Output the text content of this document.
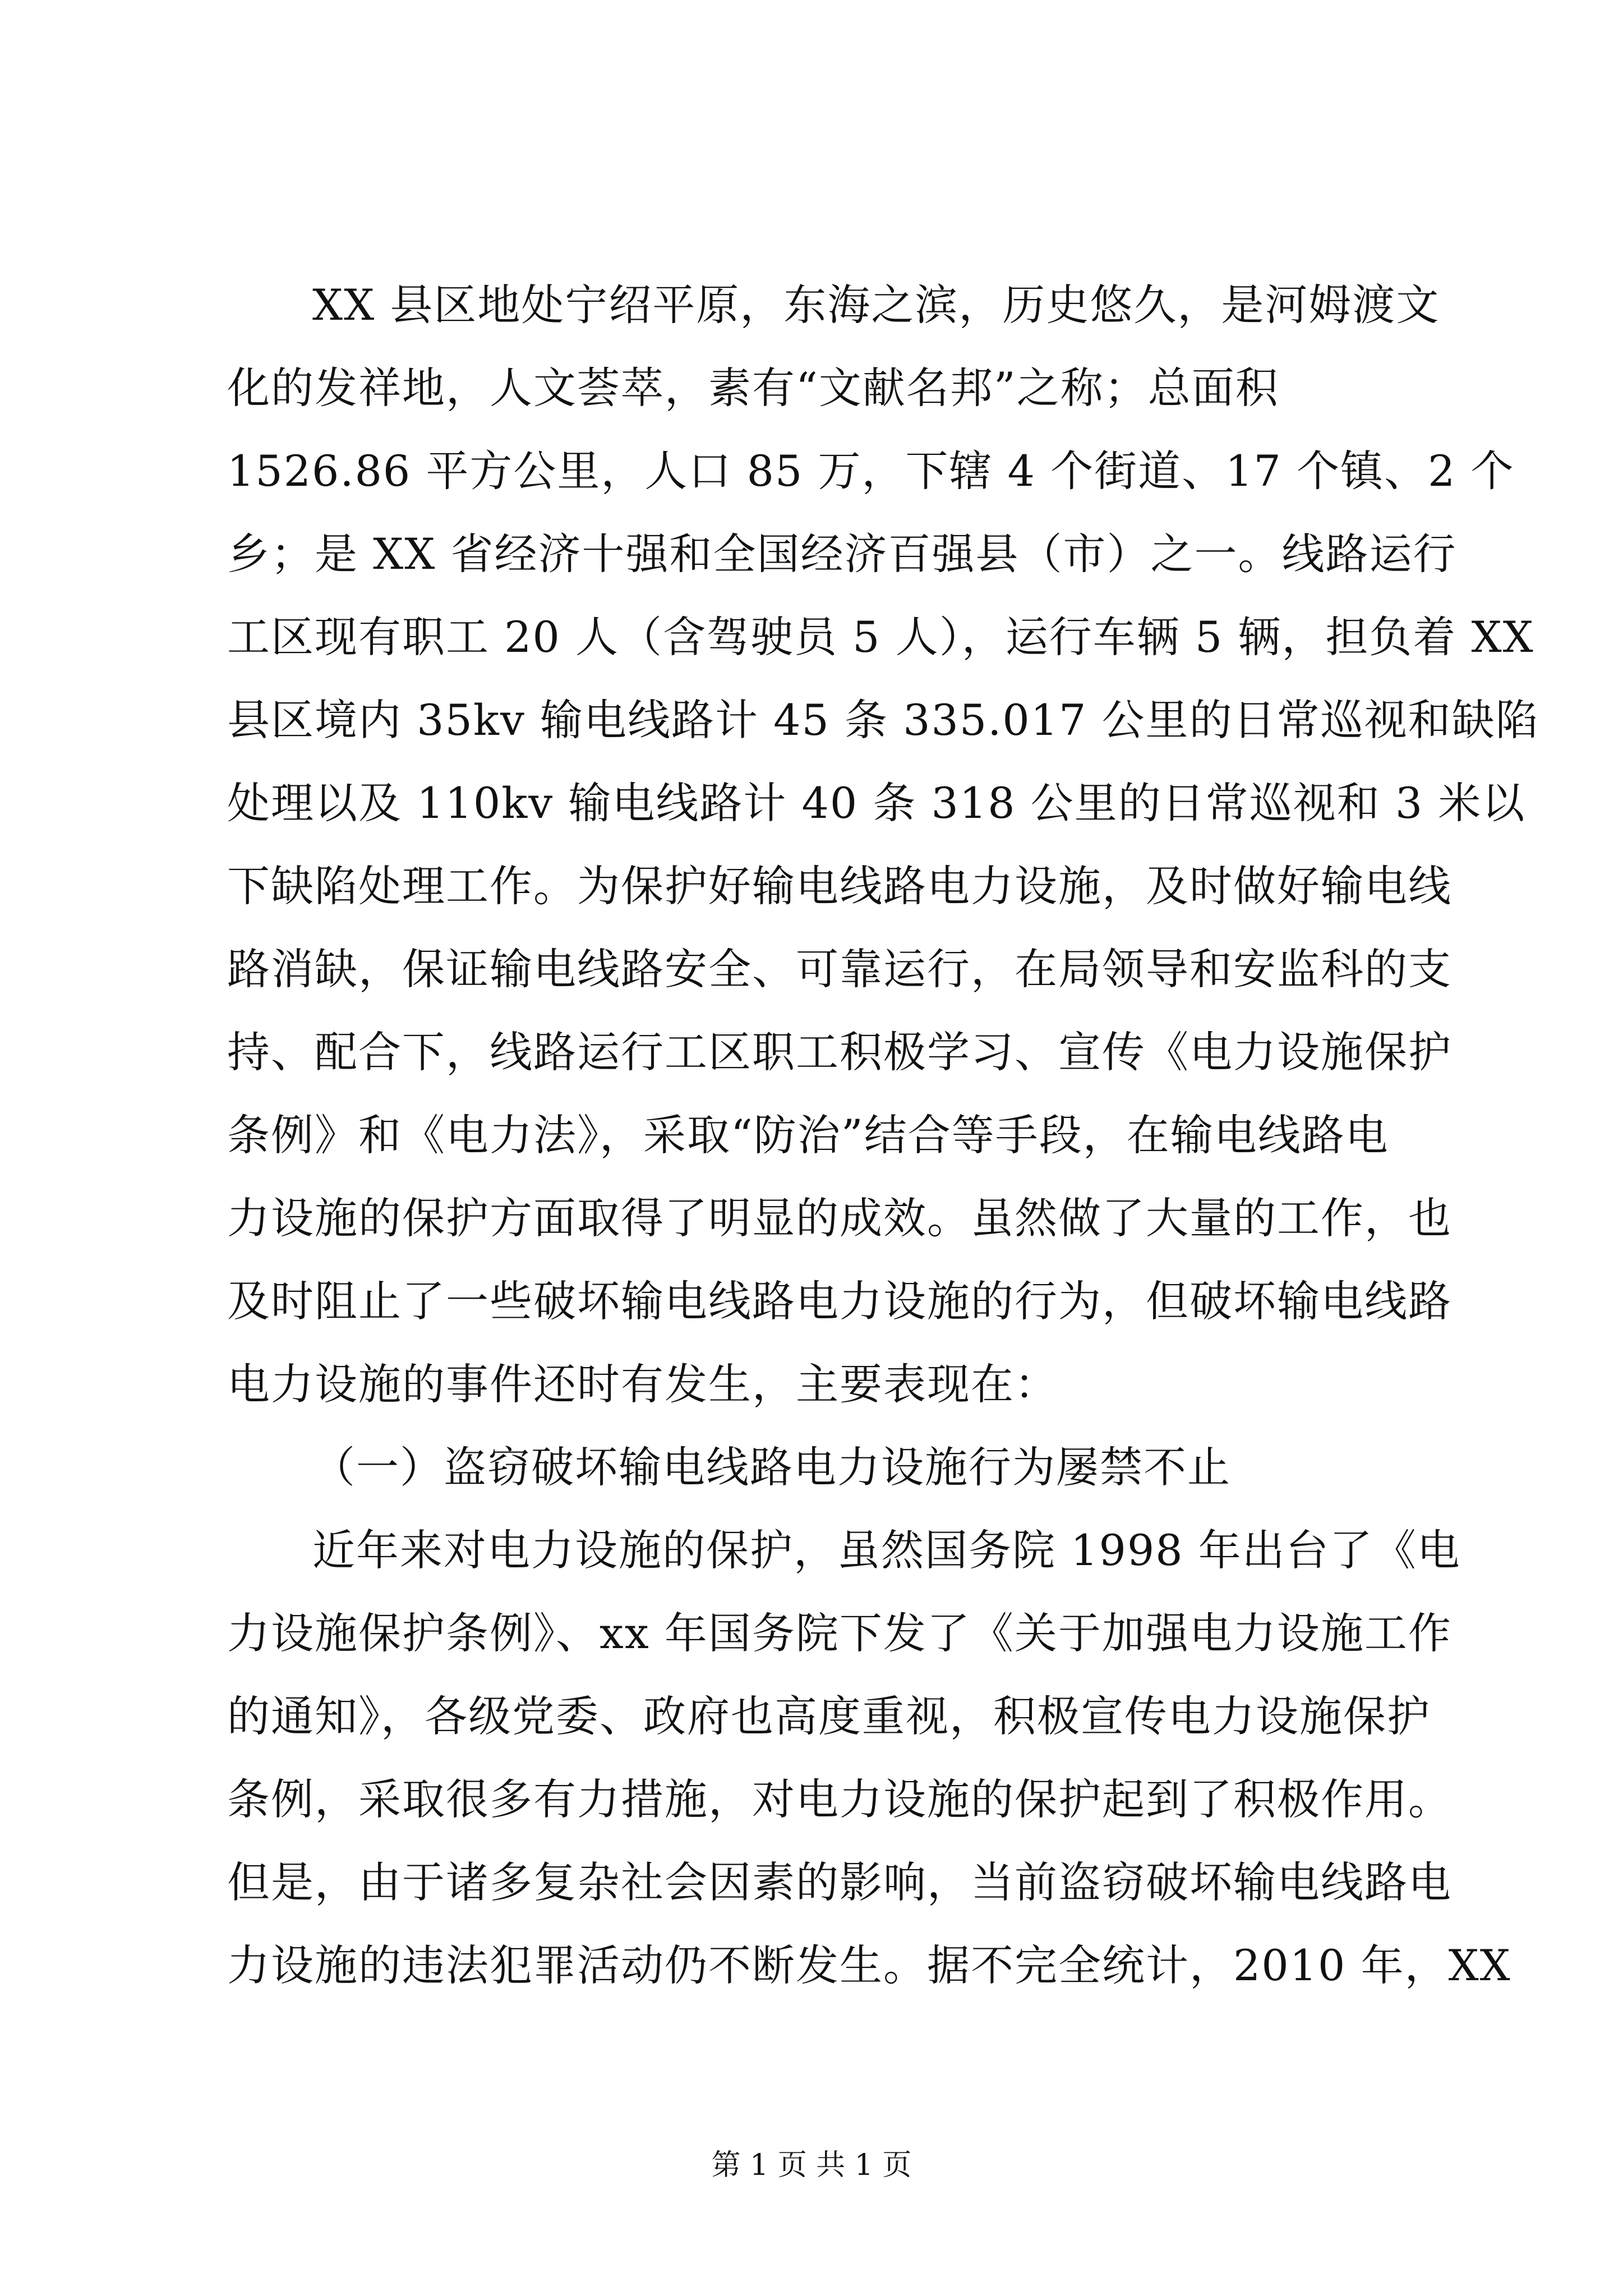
XX 县区地处宁绍平原，东海之滨，历史悠久，是河姆渡文
化的发祥地，人文荟萃，素有“文献名邦”之称；总面积
1526.86 平方公里，人口 85 万，下辖 4 个街道、17 个镇、2 个
乡；是 XX 省经济十强和全国经济百强县（市）之一。线路运行
工区现有职工 20 人（含驾驶员 5 人），运行车辆 5 辆，担负着 XX
县区境内 35kv 输电线路计 45 条 335.017 公里的日常巡视和缺陷
处理以及 110kv 输电线路计 40 条 318 公里的日常巡视和 3 米以
下缺陷处理工作。为保护好输电线路电力设施，及时做好输电线
路消缺，保证输电线路安全、可靠运行，在局领导和安监科的支
持、配合下，线路运行工区职工积极学习、宣传《电力设施保护
条例》和《电力法》，采取“防治”结合等手段，在输电线路电
力设施的保护方面取得了明显的成效。虽然做了大量的工作，也
及时阻止了一些破坏输电线路电力设施的行为，但破坏输电线路
电力设施的事件还时有发生，主要表现在：
（一）盗窃破坏输电线路电力设施行为屡禁不止
近年来对电力设施的保护，虽然国务院 1998 年出台了《电
力设施保护条例》、xx 年国务院下发了《关于加强电力设施工作
的通知》，各级党委、政府也高度重视，积极宣传电力设施保护
条例，采取很多有力措施，对电力设施的保护起到了积极作用。
但是，由于诸多复杂社会因素的影响，当前盗窃破坏输电线路电
力设施的违法犯罪活动仍不断发生。据不完全统计，2010 年，XX
第 1 页 共 1 页
